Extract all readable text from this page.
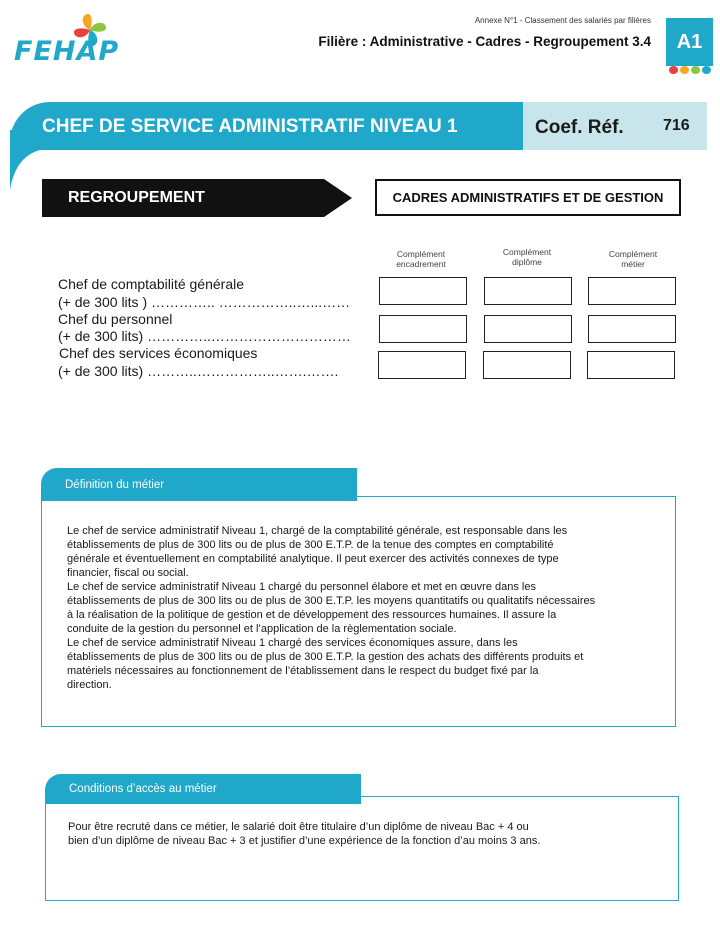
FEHAP
Annexe N°1 - Classement des salariés par filières
Filière : Administrative - Cadres - Regroupement 3.4	A1
CHEF DE SERVICE ADMINISTRATIF NIVEAU 1	Coef. Réf. 716
REGROUPEMENT	CADRES ADMINISTRATIFS ET DE GESTION
Complément
encadrement
Complément
diplôme
Complément
métier
Chef de comptabilité générale
(+ de 300 lits ) ………….. ……………..…...……
Chef du personnel
(+ de 300 lits) …………..…………………………
Chef des services économiques
(+ de 300 lits) ………..……………..…….…….
Définition du métier
Le chef de service administratif Niveau 1, chargé de la comptabilité générale, est responsable dans les
établissements de plus de 300 lits ou de plus de 300 E.T.P. de la tenue des comptes en comptabilité
générale et éventuellement en comptabilité analytique. Il peut exercer des activités connexes de type
financier, fiscal ou social.
Le chef de service administratif Niveau 1 chargé du personnel élabore et met en œuvre dans les
établissements de plus de 300 lits ou de plus de 300 E.T.P. les moyens quantitatifs ou qualitatifs nécessaires
à la réalisation de la politique de gestion et de développement des ressources humaines. Il assure la
conduite de la gestion du personnel et l’application de la règlementation sociale.
Le chef de service administratif Niveau 1 chargé des services économiques assure, dans les
établissements de plus de 300 lits ou de plus de 300 E.T.P. la gestion des achats des différents produits et
matériels nécessaires au fonctionnement de l’établissement dans le respect du budget fixé par la
direction.
Conditions d’accès au métier
Pour être recruté dans ce métier, le salarié doit être titulaire d’un diplôme de niveau Bac + 4 ou
bien d’un diplôme de niveau Bac + 3 et justifier d’une expérience de la fonction d’au moins 3 ans.
